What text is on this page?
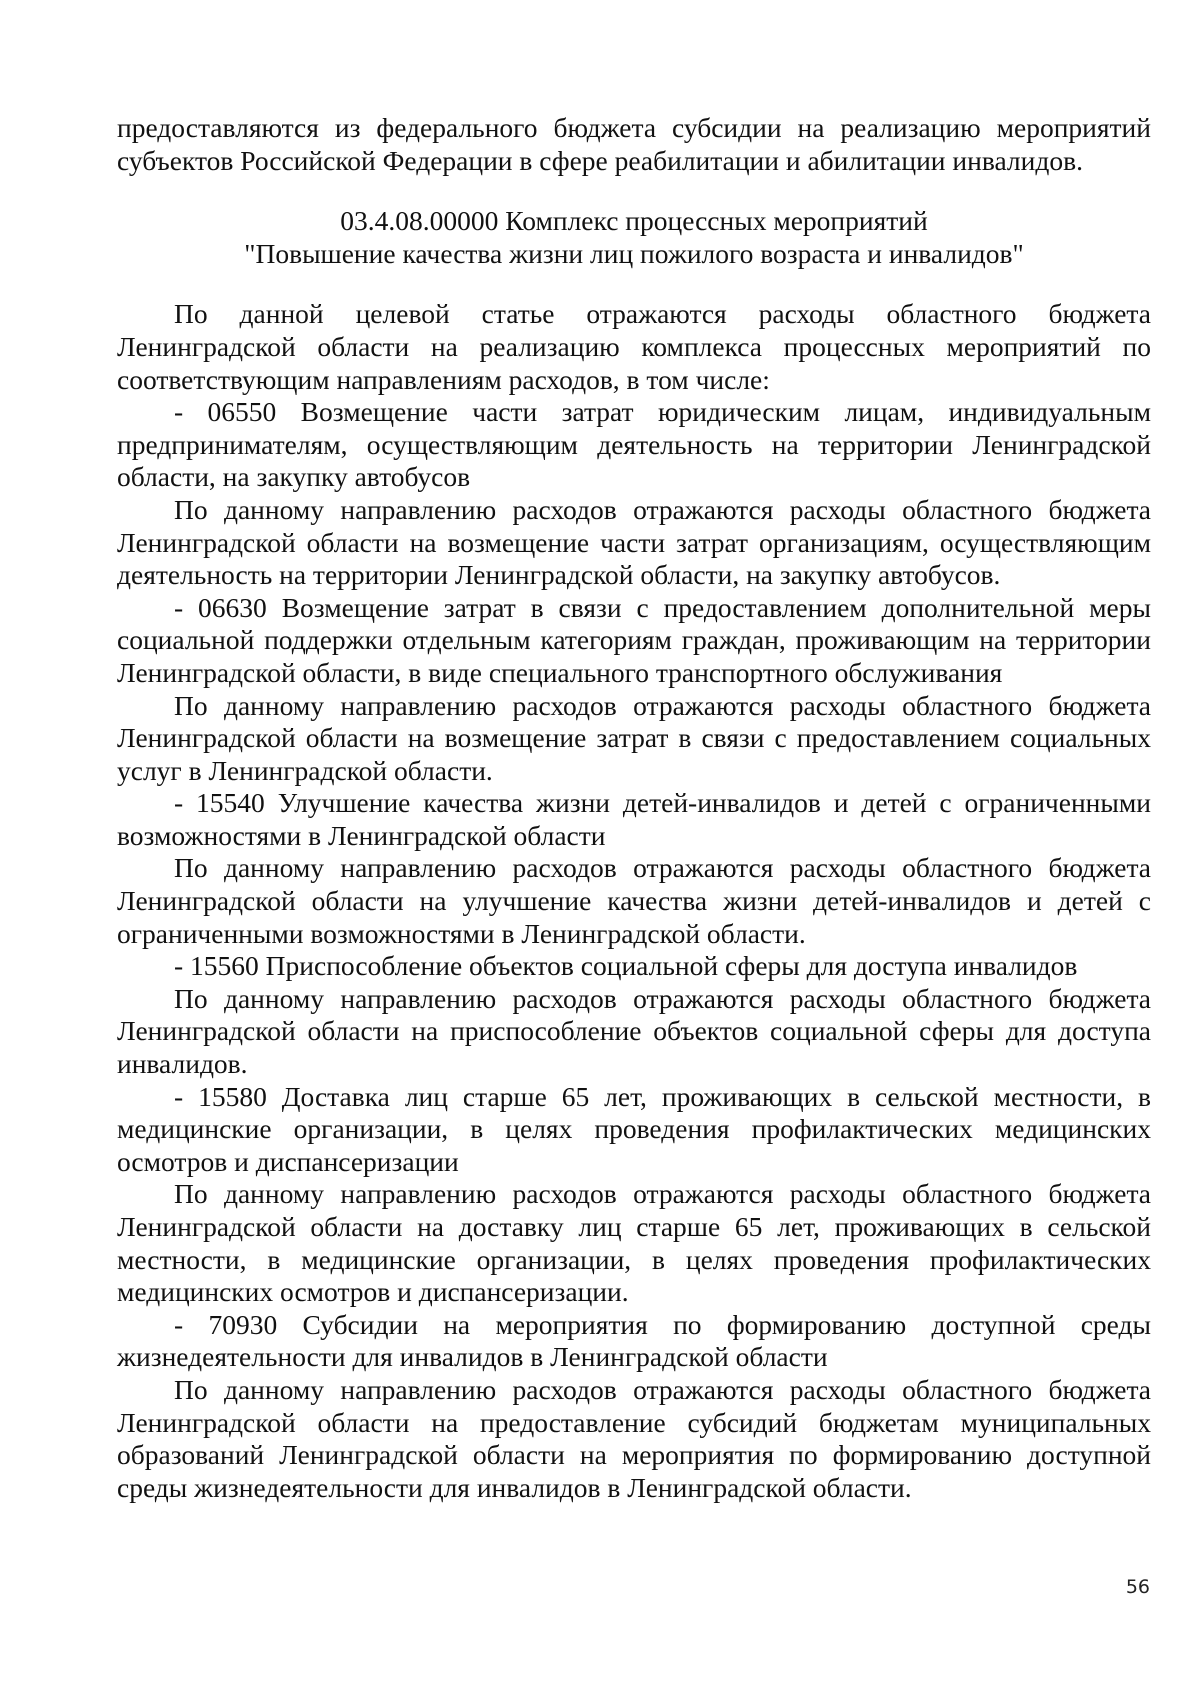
предоставляются из федерального бюджета субсидии на реализацию мероприятий субъектов Российской Федерации в сфере реабилитации и абилитации инвалидов.

03.4.08.00000 Комплекс процессных мероприятий
"Повышение качества жизни лиц пожилого возраста и инвалидов"

По данной целевой статье отражаются расходы областного бюджета Ленинградской области на реализацию комплекса процессных мероприятий по соответствующим направлениям расходов, в том числе:

- 06550 Возмещение части затрат юридическим лицам, индивидуальным предпринимателям, осуществляющим деятельность на территории Ленинградской области, на закупку автобусов

По данному направлению расходов отражаются расходы областного бюджета Ленинградской области на возмещение части затрат организациям, осуществляющим деятельность на территории Ленинградской области, на закупку автобусов.

- 06630 Возмещение затрат в связи с предоставлением дополнительной меры социальной поддержки отдельным категориям граждан, проживающим на территории Ленинградской области, в виде специального транспортного обслуживания

По данному направлению расходов отражаются расходы областного бюджета Ленинградской области на возмещение затрат в связи с предоставлением социальных услуг в Ленинградской области.

- 15540 Улучшение качества жизни детей-инвалидов и детей с ограниченными возможностями в Ленинградской области

По данному направлению расходов отражаются расходы областного бюджета Ленинградской области на улучшение качества жизни детей-инвалидов и детей с ограниченными возможностями в Ленинградской области.

- 15560 Приспособление объектов социальной сферы для доступа инвалидов

По данному направлению расходов отражаются расходы областного бюджета Ленинградской области на приспособление объектов социальной сферы для доступа инвалидов.

- 15580 Доставка лиц старше 65 лет, проживающих в сельской местности, в медицинские организации, в целях проведения профилактических медицинских осмотров и диспансеризации

По данному направлению расходов отражаются расходы областного бюджета Ленинградской области на доставку лиц старше 65 лет, проживающих в сельской местности, в медицинские организации, в целях проведения профилактических медицинских осмотров и диспансеризации.

- 70930 Субсидии на мероприятия по формированию доступной среды жизнедеятельности для инвалидов в Ленинградской области

По данному направлению расходов отражаются расходы областного бюджета Ленинградской области на предоставление субсидий бюджетам муниципальных образований Ленинградской области на мероприятия по формированию доступной среды жизнедеятельности для инвалидов в Ленинградской области.

56
